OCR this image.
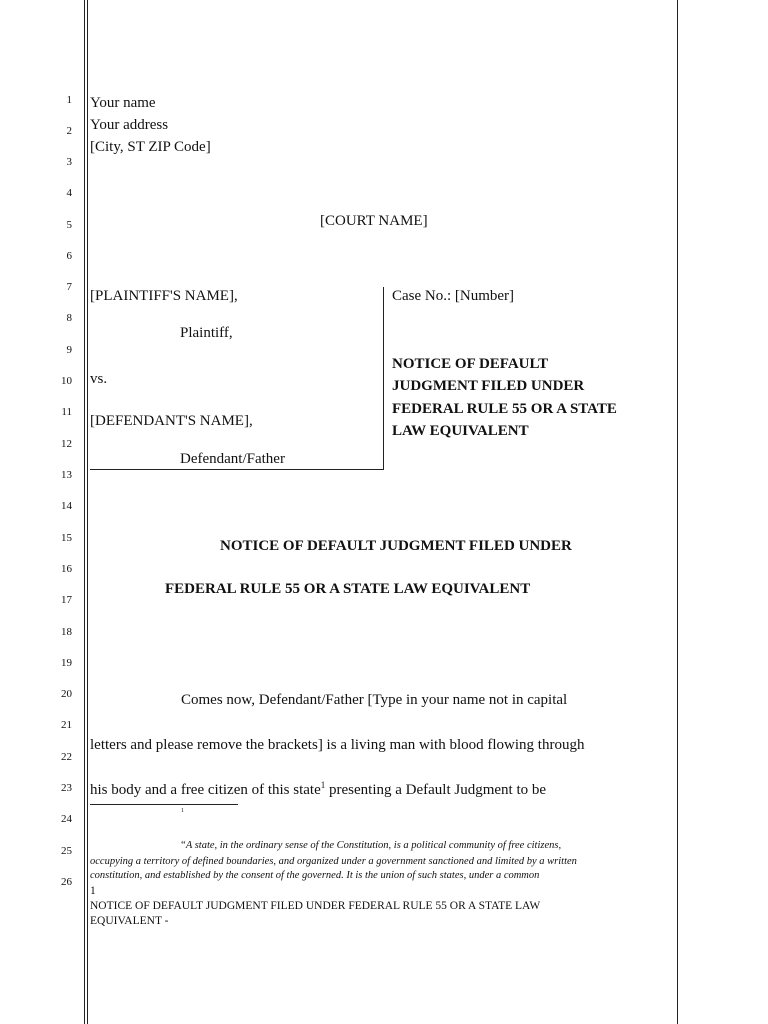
1
2
3
4
5
6
7
8
9
10
11
12
13
14
15
16
17
18
19
20
21
22
23
24
25
26
Your name
Your address
[City, ST ZIP Code]
[COURT NAME]
[PLAINTIFF'S NAME],
Plaintiff,
vs.
[DEFENDANT'S NAME],
Defendant/Father
Case No.: [Number]
NOTICE OF DEFAULT
JUDGMENT FILED UNDER
FEDERAL RULE 55 OR A STATE
LAW EQUIVALENT
NOTICE OF DEFAULT JUDGMENT FILED UNDER
FEDERAL RULE 55 OR A STATE LAW EQUIVALENT
Comes now, Defendant/Father [Type in your name not in capital
letters and please remove the brackets] is a living man with blood flowing through
his body and a free citizen of this state$^1$ presenting a Default Judgment to be
1
“A state, in the ordinary sense of the Constitution, is a political community of free citizens,
occupying a territory of defined boundaries, and organized under a government sanctioned and limited by a written
constitution, and established by the consent of the governed. It is the union of such states, under a common
1
NOTICE OF DEFAULT JUDGMENT FILED UNDER FEDERAL RULE 55 OR A STATE LAW
EQUIVALENT -
